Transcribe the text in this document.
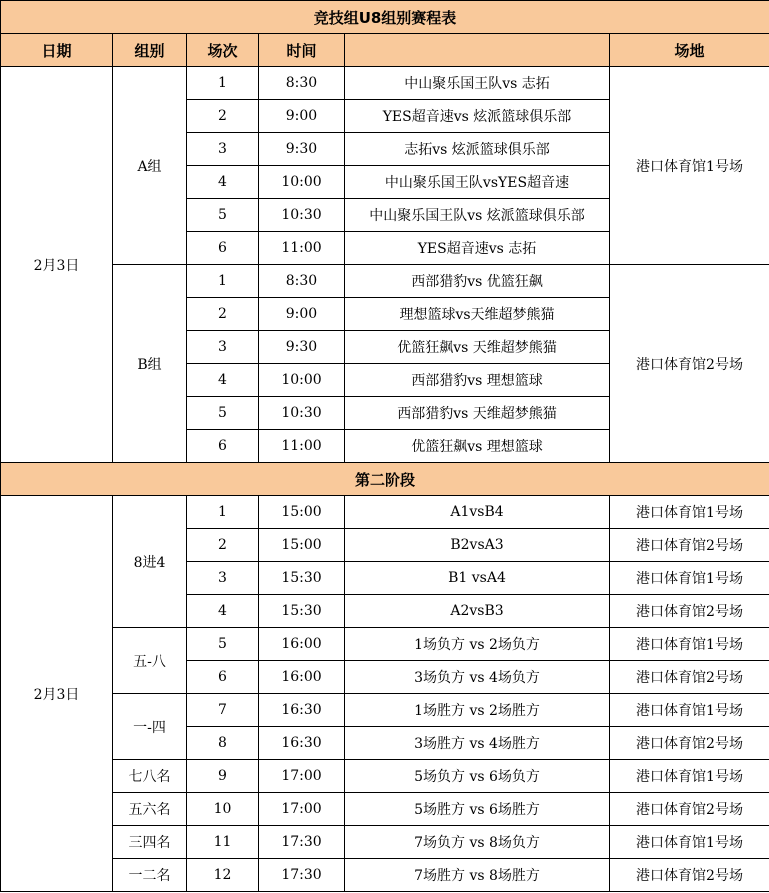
竞技组U8组别赛程表					
日期	组别	场次	时间		场地
2月3日	A组	1	8:30	中山聚乐国王队vs 志拓	港口体育馆1号场
		2	9:00	YES超音速vs 炫派篮球俱乐部	
		3	9:30	志拓vs 炫派篮球俱乐部	
		4	10:00	中山聚乐国王队vsYES超音速	
		5	10:30	中山聚乐国王队vs 炫派篮球俱乐部	
		6	11:00	YES超音速vs 志拓	
	B组	1	8:30	西部猎豹vs 优篮狂飙	港口体育馆2号场
		2	9:00	理想篮球vs天维超梦熊猫	
		3	9:30	优篮狂飙vs 天维超梦熊猫	
		4	10:00	西部猎豹vs 理想篮球	
		5	10:30	西部猎豹vs 天维超梦熊猫	
		6	11:00	优篮狂飙vs 理想篮球	
第二阶段					
2月3日	8进4	1	15:00	A1vsB4	港口体育馆1号场
		2	15:00	B2vsA3	港口体育馆2号场
		3	15:30	B1 vsA4	港口体育馆1号场
		4	15:30	A2vsB3	港口体育馆2号场
	五-八	5	16:00	1场负方 vs 2场负方	港口体育馆1号场
		6	16:00	3场负方 vs 4场负方	港口体育馆2号场
	一-四	7	16:30	1场胜方 vs 2场胜方	港口体育馆1号场
		8	16:30	3场胜方 vs 4场胜方	港口体育馆2号场
	七八名	9	17:00	5场负方 vs 6场负方	港口体育馆1号场
	五六名	10	17:00	5场胜方 vs 6场胜方	港口体育馆2号场
	三四名	11	17:30	7场负方 vs 8场负方	港口体育馆1号场
	一二名	12	17:30	7场胜方 vs 8场胜方	港口体育馆2号场
